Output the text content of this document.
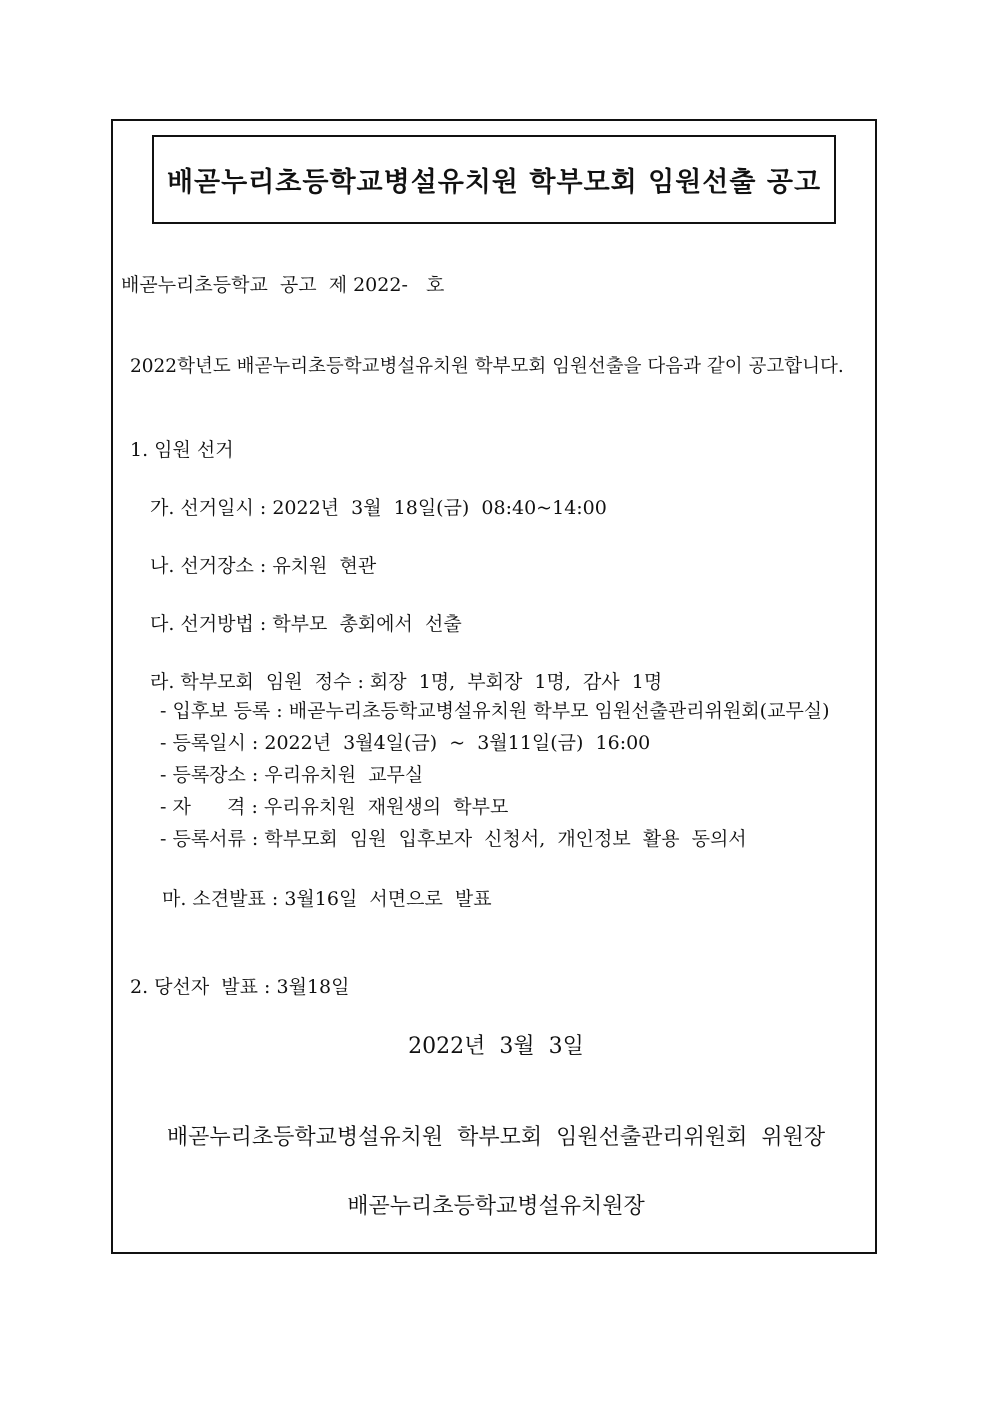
배곧누리초등학교병설유치원 학부모회 임원선출 공고
배곧누리초등학교  공고  제 2022-   호
2022학년도 배곧누리초등학교병설유치원 학부모회 임원선출을 다음과 같이 공고합니다.
1. 임원 선거
가. 선거일시 : 2022년  3월  18일(금)  08:40~14:00
나. 선거장소 : 유치원  현관
다. 선거방법 : 학부모  총회에서  선출
라. 학부모회  임원  정수 : 회장  1명,  부회장  1명,  감사  1명
- 입후보 등록 : 배곧누리초등학교병설유치원 학부모 임원선출관리위원회(교무실)
- 등록일시 : 2022년  3월4일(금)  ~  3월11일(금)  16:00
- 등록장소 : 우리유치원  교무실
- 자      격 : 우리유치원  재원생의  학부모
- 등록서류 : 학부모회  임원  입후보자  신청서,  개인정보  활용  동의서
마. 소견발표 : 3월16일  서면으로  발표
2. 당선자  발표 : 3월18일
2022년  3월  3일
배곧누리초등학교병설유치원  학부모회  임원선출관리위원회  위원장
배곧누리초등학교병설유치원장
